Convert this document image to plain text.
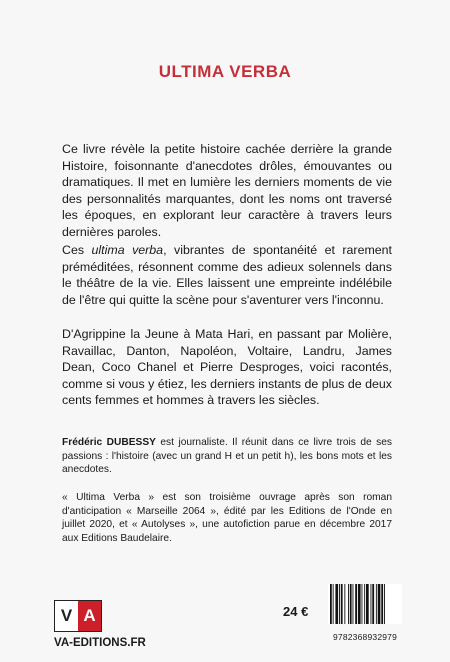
ULTIMA VERBA
Ce livre révèle la petite histoire cachée derrière la grande Histoire, foisonnante d'anecdotes drôles, émouvantes ou dramatiques. Il met en lumière les derniers moments de vie des personnalités marquantes, dont les noms ont traversé les époques, en explorant leur caractère à travers leurs dernières paroles.
Ces ultima verba, vibrantes de spontanéité et rarement préméditées, résonnent comme des adieux solennels dans le théâtre de la vie. Elles laissent une empreinte indélébile de l'être qui quitte la scène pour s'aventurer vers l'inconnu.
D'Agrippine la Jeune à Mata Hari, en passant par Molière, Ravaillac, Danton, Napoléon, Voltaire, Landru, James Dean, Coco Chanel et Pierre Desproges, voici racontés, comme si vous y étiez, les derniers instants de plus de deux cents femmes et hommes à travers les siècles.
Frédéric DUBESSY est journaliste. Il réunit dans ce livre trois de ses passions : l'histoire (avec un grand H et un petit h), les bons mots et les anecdotes.
« Ultima Verba » est son troisième ouvrage après son roman d'anticipation « Marseille 2064 », édité par les Editions de l'Onde en juillet 2020, et « Autolyses », une autofiction parue en décembre 2017 aux Editions Baudelaire.
V A
VA-EDITIONS.FR
24 €
9782368932979
